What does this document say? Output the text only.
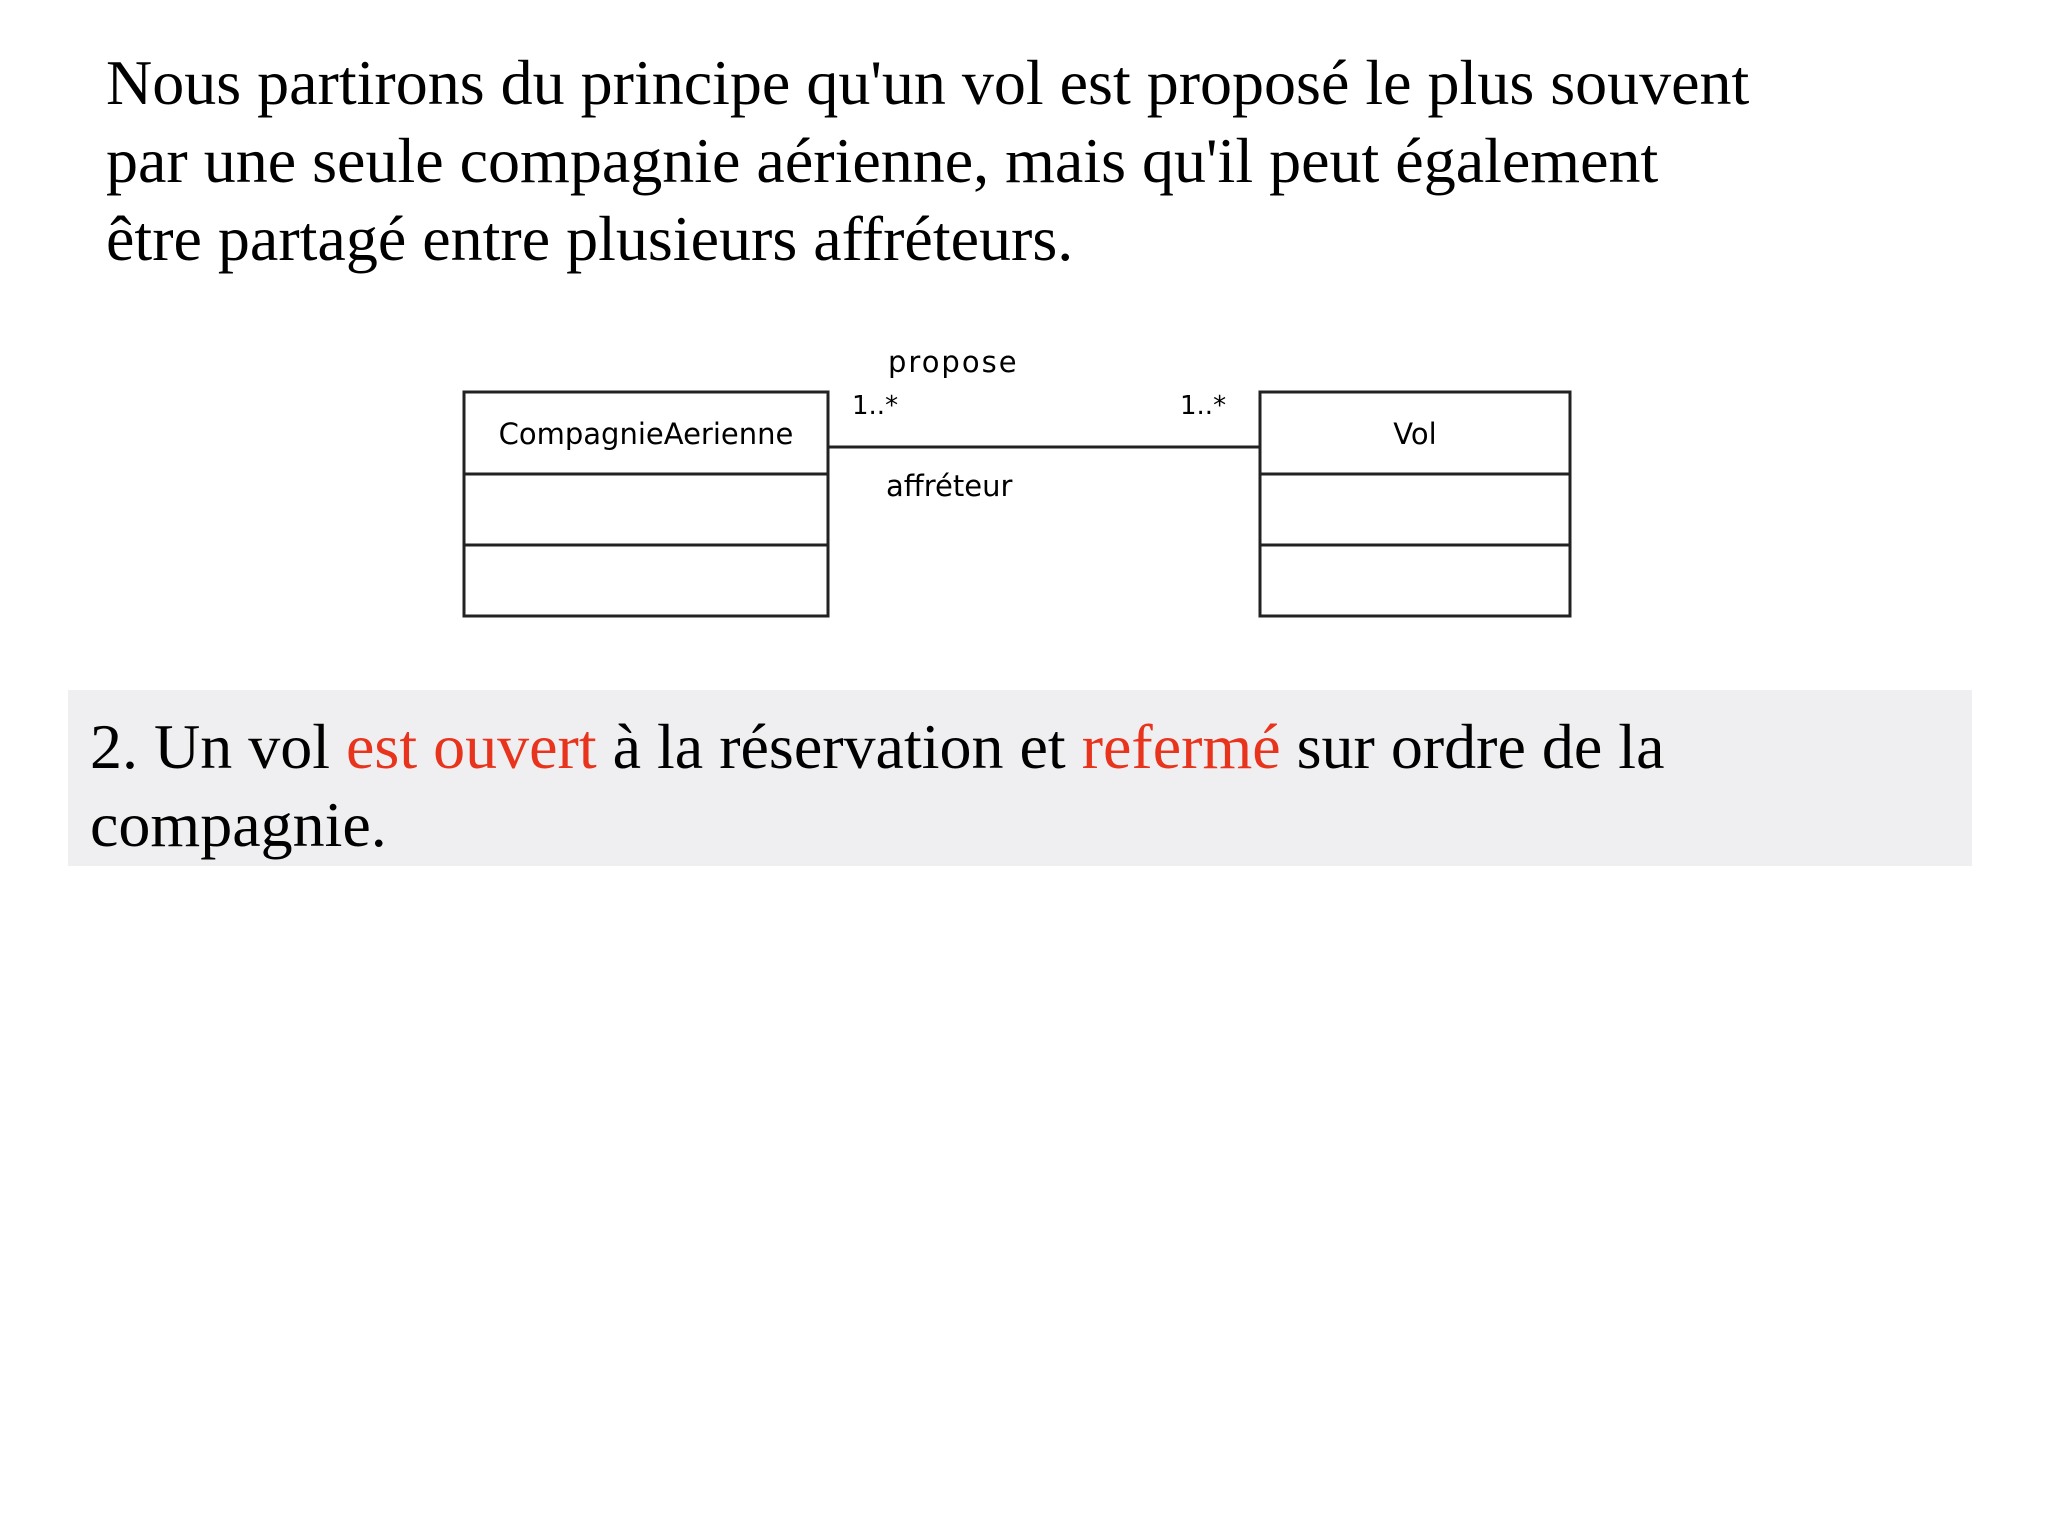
Nous partirons du principe qu'un vol est proposé le plus souvent
par une seule compagnie aérienne, mais qu'il peut également
être partagé entre plusieurs affréteurs.
CompagnieAerienne	Vol
propose
affréteur
1..*	1..*
2. Un vol est ouvert à la réservation et refermé sur ordre de la
compagnie.
